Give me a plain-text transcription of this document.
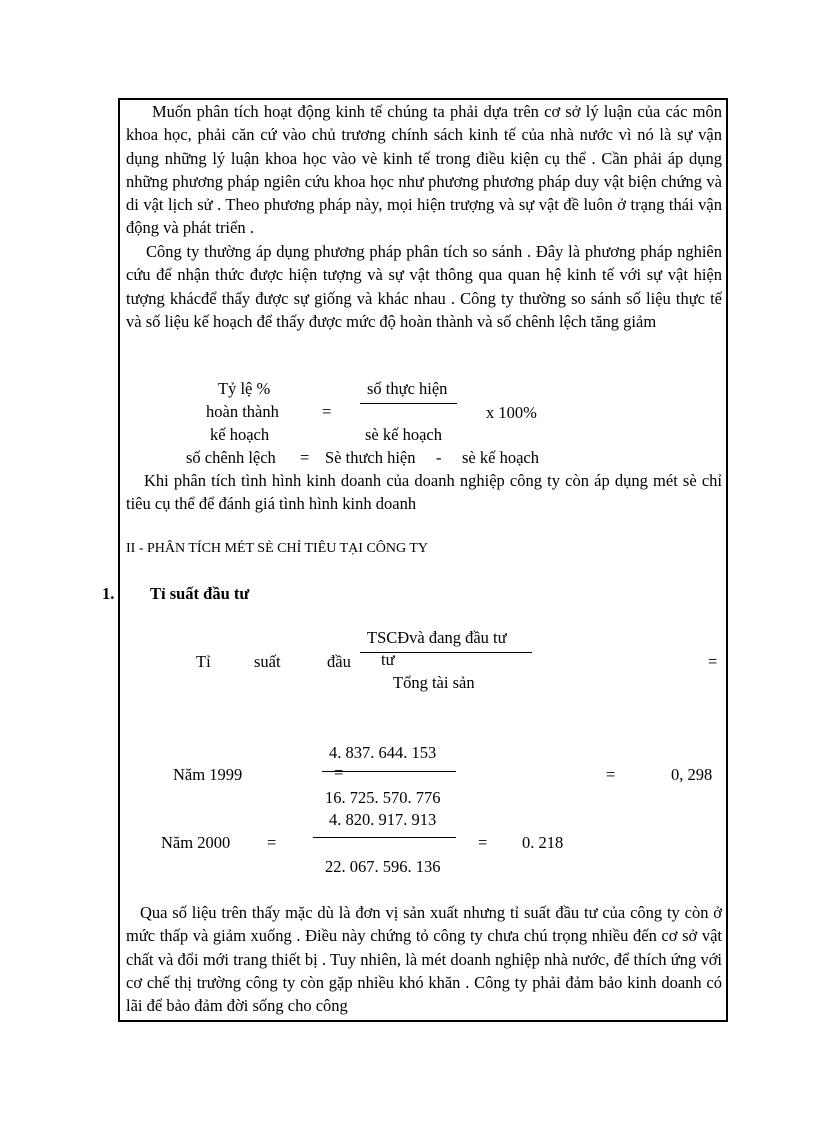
Muốn phân tích hoạt động kinh tế chúng ta phải dựa trên cơ sở lý luận của các môn khoa học, phải căn cứ vào chủ trương chính sách kinh tế của nhà nước vì nó là sự vận dụng những lý luận khoa học vào vè kinh tế trong điều kiện cụ thể . Cần phải áp dụng những phương pháp ngiên cứu khoa học như phương phương pháp duy vật biện chứng và di vật lịch sử . Theo phương pháp này, mọi hiện trượng và sự vật đề luôn ở trạng thái vận động và phát triển .
Công ty thường áp dụng phương pháp phân tích so sánh . Đây là phương pháp nghiên cứu để nhận thức được hiện tượng và sự vật thông qua quan hệ kinh tế với sự vật hiện tượng khácđể thấy được sự giống và khác nhau . Công ty thường so sánh số liệu thực tế và số liệu kế hoạch để thấy được mức độ hoàn thành và số chênh lệch tăng giảm
Tỷ lệ %
hoàn thành
kế hoạch
=
số thực hiện
sè kế hoạch
x 100%
số chênh lệch = Sè thưch hiện - sè kế hoạch
Khi phân tích tình hình kinh doanh của doanh nghiệp công ty còn áp dụng mét sè chỉ tiêu cụ thể để đánh giá tình hình kinh doanh
II - PHÂN TÍCH MÉT SÈ CHỈ TIÊU TẠI CÔNG TY
1. Tỉ suất đầu tư
TSCĐvà đang đầu tư
Tỉ	suất	đầu tư	=
Tổng tài sản
4. 837. 644. 153
=
Năm 1999	=	0, 298
16. 725. 570. 776
4. 820. 917. 913
Năm 2000 =	= 0. 218
22. 067. 596. 136
Qua số liệu trên thấy mặc dù là đơn vị sản xuất nhưng tỉ suất đầu tư của công ty còn ở mức thấp và giảm xuống . Điều này chứng tỏ công ty chưa chú trọng nhiều đến cơ sở vật chất và đổi mới trang thiết bị . Tuy nhiên, là mét doanh nghiệp nhà nước, để thích ứng với cơ chế thị trường công ty còn gặp nhiều khó khăn . Công ty phải đảm bảo kinh doanh có lãi để bảo đảm đời sống cho công
